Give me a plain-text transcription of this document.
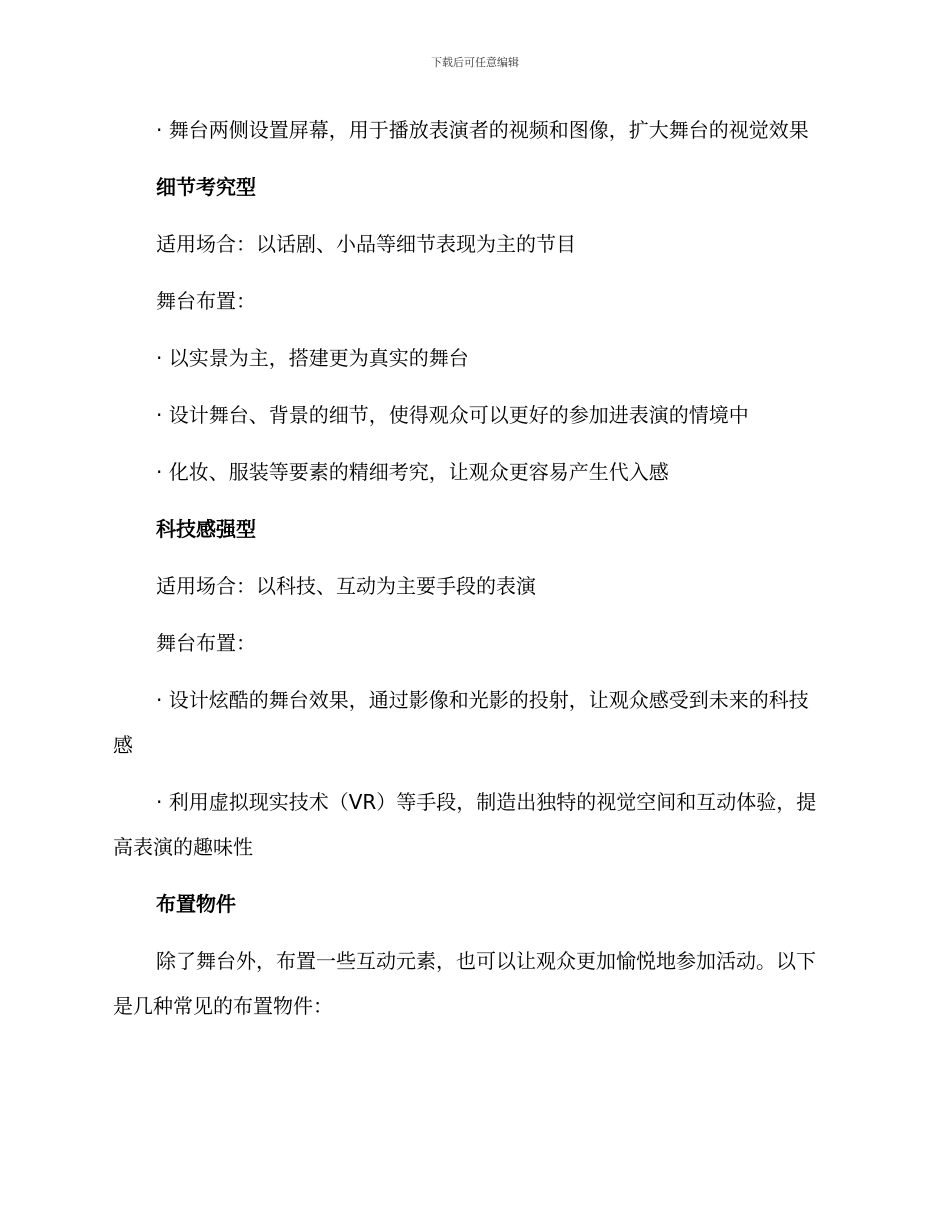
下载后可任意编辑

· 舞台两侧设置屏幕，用于播放表演者的视频和图像，扩大舞台的视觉效果

细节考究型

适用场合：以话剧、小品等细节表现为主的节目

舞台布置：

· 以实景为主，搭建更为真实的舞台

· 设计舞台、背景的细节，使得观众可以更好的参加进表演的情境中

· 化妆、服装等要素的精细考究，让观众更容易产生代入感

科技感强型

适用场合：以科技、互动为主要手段的表演

舞台布置：

· 设计炫酷的舞台效果，通过影像和光影的投射，让观众感受到未来的科技感

· 利用虚拟现实技术（VR）等手段，制造出独特的视觉空间和互动体验，提高表演的趣味性

布置物件

除了舞台外，布置一些互动元素，也可以让观众更加愉悦地参加活动。以下是几种常见的布置物件：
